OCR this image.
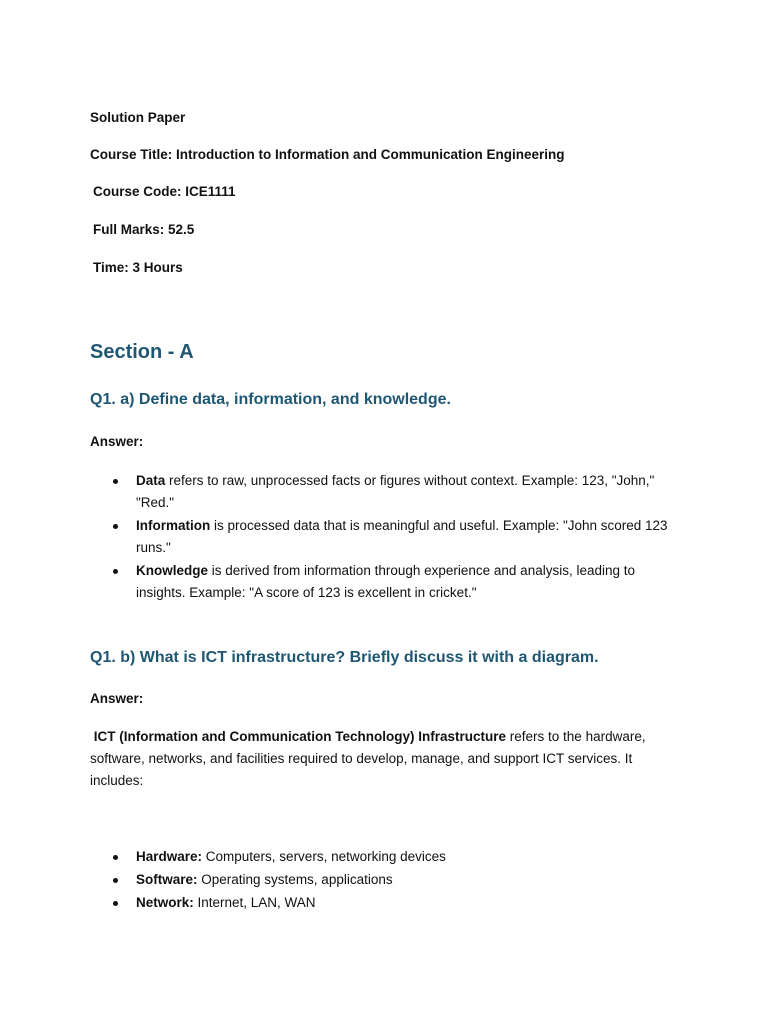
Solution Paper
Course Title: Introduction to Information and Communication Engineering
Course Code: ICE1111
Full Marks: 52.5
Time: 3 Hours
Section - A
Q1. a) Define data, information, and knowledge.
Answer:
Data refers to raw, unprocessed facts or figures without context. Example: 123, "John," "Red."
Information is processed data that is meaningful and useful. Example: "John scored 123 runs."
Knowledge is derived from information through experience and analysis, leading to insights. Example: "A score of 123 is excellent in cricket."
Q1. b) What is ICT infrastructure? Briefly discuss it with a diagram.
Answer:
ICT (Information and Communication Technology) Infrastructure refers to the hardware, software, networks, and facilities required to develop, manage, and support ICT services. It includes:
Hardware: Computers, servers, networking devices
Software: Operating systems, applications
Network: Internet, LAN, WAN
